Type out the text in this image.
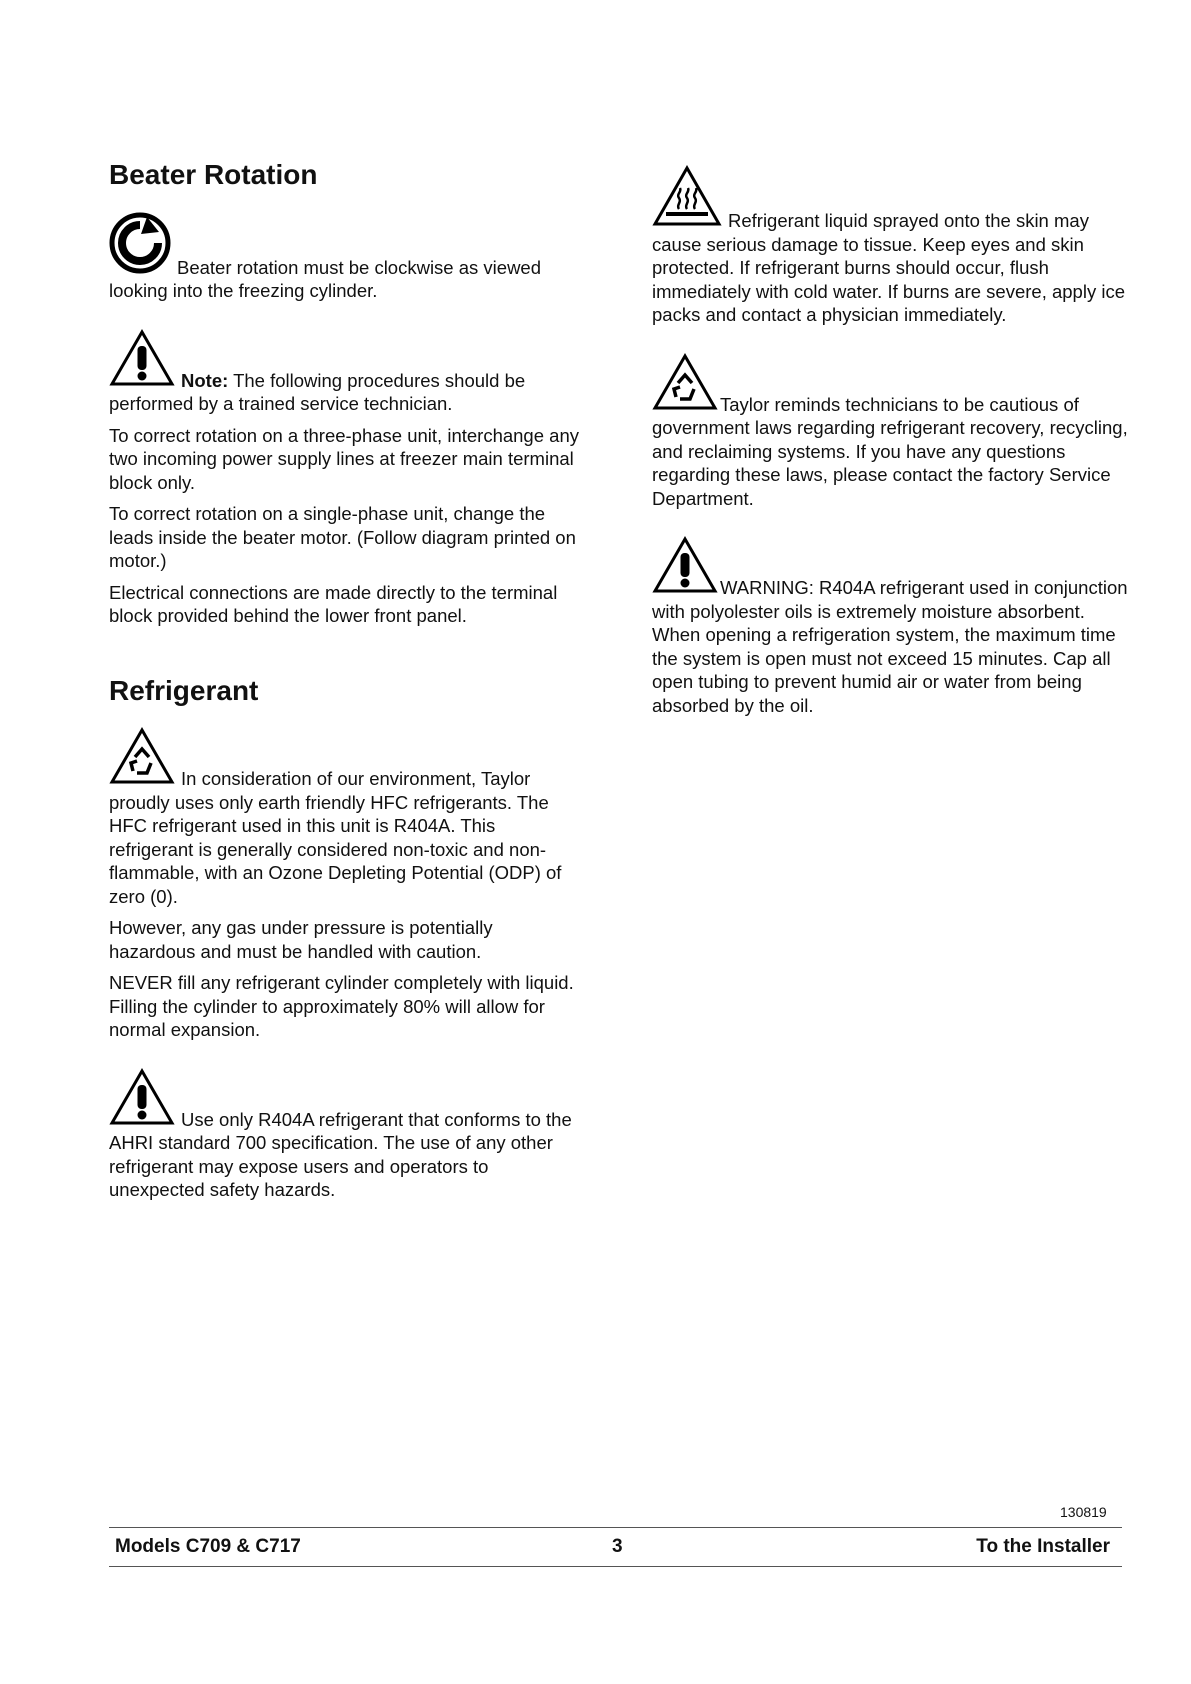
Beater Rotation

Beater rotation must be clockwise as viewed looking into the freezing cylinder.

Note: The following procedures should be performed by a trained service technician.

To correct rotation on a three-phase unit, interchange any two incoming power supply lines at freezer main terminal block only.

To correct rotation on a single-phase unit, change the leads inside the beater motor. (Follow diagram printed on motor.)

Electrical connections are made directly to the terminal block provided behind the lower front panel.

Refrigerant

In consideration of our environment, Taylor proudly uses only earth friendly HFC refrigerants. The HFC refrigerant used in this unit is R404A. This refrigerant is generally considered non-toxic and non-flammable, with an Ozone Depleting Potential (ODP) of zero (0).

However, any gas under pressure is potentially hazardous and must be handled with caution.

NEVER fill any refrigerant cylinder completely with liquid. Filling the cylinder to approximately 80% will allow for normal expansion.

Use only R404A refrigerant that conforms to the AHRI standard 700 specification. The use of any other refrigerant may expose users and operators to unexpected safety hazards.

Refrigerant liquid sprayed onto the skin may cause serious damage to tissue. Keep eyes and skin protected. If refrigerant burns should occur, flush immediately with cold water. If burns are severe, apply ice packs and contact a physician immediately.

Taylor reminds technicians to be cautious of government laws regarding refrigerant recovery, recycling, and reclaiming systems. If you have any questions regarding these laws, please contact the factory Service Department.

WARNING: R404A refrigerant used in conjunction with polyolester oils is extremely moisture absorbent. When opening a refrigeration system, the maximum time the system is open must not exceed 15 minutes. Cap all open tubing to prevent humid air or water from being absorbed by the oil.

130819
Models C709 & C717	3	To the Installer
